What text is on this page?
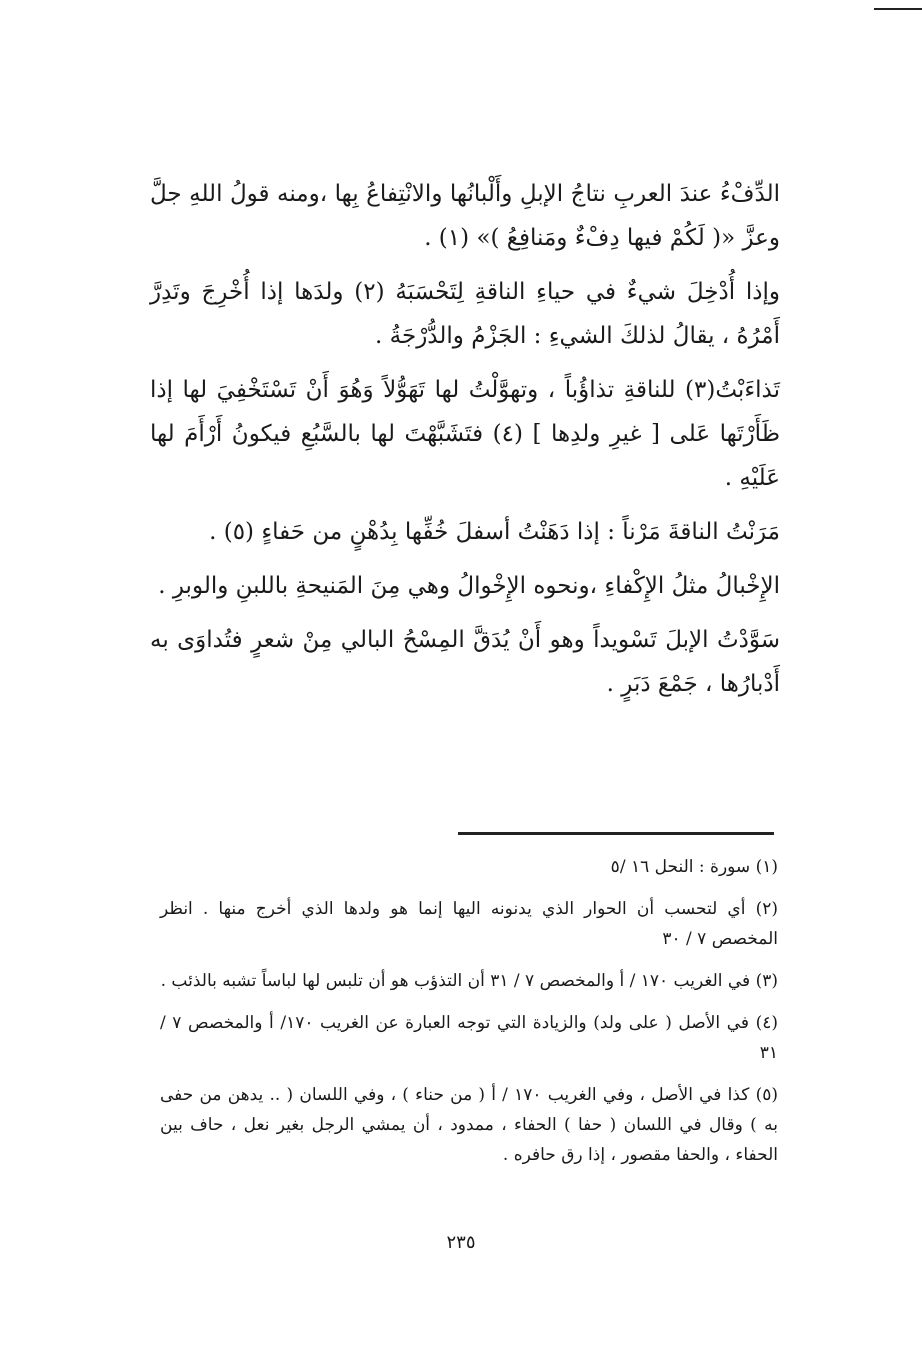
الدِّفْءُ عندَ العربِ نتاجُ الإبلِ وأَلْبانُها والانْتِفاعُ بِها ،ومنه قولُ اللهِ جلَّ وعزَّ «( لَكُمْ فيها دِفْءٌ ومَنافِعُ )» (١) .

وإذا أُدْخِلَ شيءٌ في حياءِ الناقةِ لِتَحْسَبَهُ (٢) ولدَها إذا أُخْرِجَ وتَدِرَّ أَمْرُهُ ، يقالُ لذلكَ الشيءِ : الجَزْمُ والدُّرْجَةُ .

تَذاءَبْتُ(٣) للناقةِ تذاؤُباً ، وتهوَّلْتُ لها تَهَوُّلاً وَهُوَ أَنْ تَسْتَخْفِيَ لها إذا ظَأَرْتَها عَلى [ غيرِ ولدِها ] (٤) فتَشَبَّهْتَ لها بالسَّبُعِ فيكونُ أَرْأَمَ لها عَلَيْهِ .

مَرَنْتُ الناقةَ مَرْناً : إذا دَهَنْتُ أسفلَ خُفِّها بِدُهْنٍ من حَفاءٍ (٥) .

الإِخْبالُ مثلُ الإِكْفاءِ ،ونحوه الإِخْوالُ وهي مِنَ المَنيحةِ باللبنِ والوبرِ .

سَوَّدْتُ الإبلَ تَسْويداً وهو أَنْ يُدَقَّ المِسْحُ البالي مِنْ شعرٍ فتُداوَى به أَدْبارُها ، جَمْعَ دَبَرٍ .

(١) سورة : النحل ١٦ /٥

(٢) أي لتحسب أن الحوار الذي يدنونه اليها إنما هو ولدها الذي أخرج منها . انظر المخصص ٧ / ٣٠

(٣) في الغريب ١٧٠ / أ والمخصص ٧ / ٣١ أن التذؤب هو أن تلبس لها لباساً تشبه بالذئب .

(٤) في الأصل ( على ولد) والزيادة التي توجه العبارة عن الغريب ١٧٠/ أ والمخصص ٧ / ٣١

(٥) كذا في الأصل ، وفي الغريب ١٧٠ / أ ( من حناء ) ، وفي اللسان ( .. يدهن من حفى به ) وقال في اللسان ( حفا ) الحفاء ، ممدود ، أن يمشي الرجل بغير نعل ، حاف بين الحفاء ، والحفا مقصور ، إذا رق حافره .

٢٣٥
